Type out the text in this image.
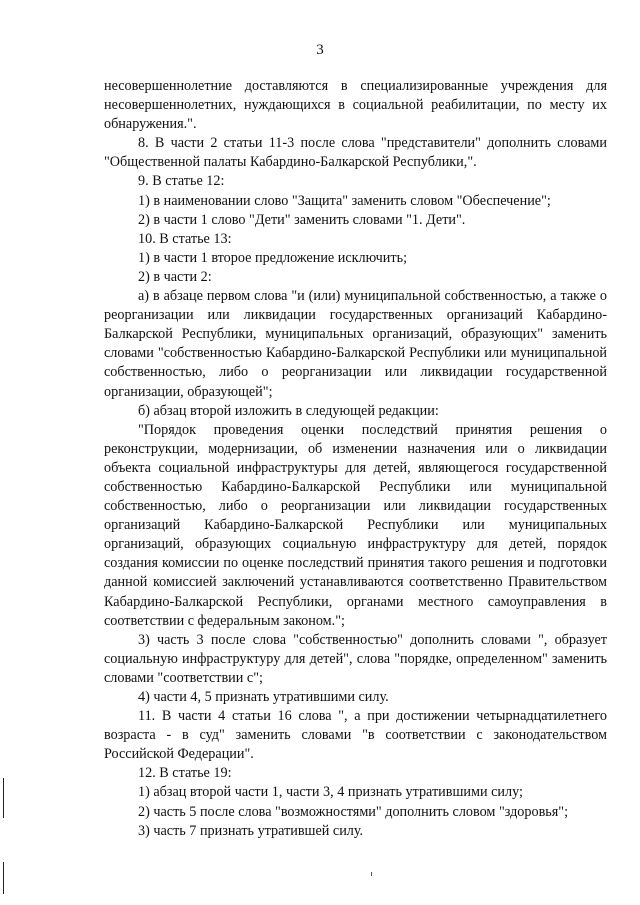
3

несовершеннолетние доставляются в специализированные учреждения для несовершеннолетних, нуждающихся в социальной реабилитации, по месту их обнаружения.".

8. В части 2 статьи 11-3 после слова "представители" дополнить словами "Общественной палаты Кабардино-Балкарской Республики,".

9. В статье 12:

1) в наименовании слово "Защита" заменить словом "Обеспечение";

2) в части 1 слово "Дети" заменить словами "1. Дети".

10. В статье 13:

1) в части 1 второе предложение исключить;

2) в части 2:

а) в абзаце первом слова "и (или) муниципальной собственностью, а также о реорганизации или ликвидации государственных организаций Кабардино-Балкарской Республики, муниципальных организаций, образующих" заменить словами "собственностью Кабардино-Балкарской Республики или муниципальной собственностью, либо о реорганизации или ликвидации государственной организации, образующей";

б) абзац второй изложить в следующей редакции:

"Порядок проведения оценки последствий принятия решения о реконструкции, модернизации, об изменении назначения или о ликвидации объекта социальной инфраструктуры для детей, являющегося государственной собственностью Кабардино-Балкарской Республики или муниципальной собственностью, либо о реорганизации или ликвидации государственных организаций Кабардино-Балкарской Республики или муниципальных организаций, образующих социальную инфраструктуру для детей, порядок создания комиссии по оценке последствий принятия такого решения и подготовки данной комиссией заключений устанавливаются соответственно Правительством Кабардино-Балкарской Республики, органами местного самоуправления в соответствии с федеральным законом.";

3) часть 3 после слова "собственностью" дополнить словами ", образует социальную инфраструктуру для детей", слова "порядке, определенном" заменить словами "соответствии с";

4) части 4, 5 признать утратившими силу.

11. В части 4 статьи 16 слова ", а при достижении четырнадцатилетнего возраста - в суд" заменить словами "в соответствии с законодательством Российской Федерации".

12. В статье 19:

1) абзац второй части 1, части 3, 4 признать утратившими силу;

2) часть 5 после слова "возможностями" дополнить словом "здоровья";

3) часть 7 признать утратившей силу.
